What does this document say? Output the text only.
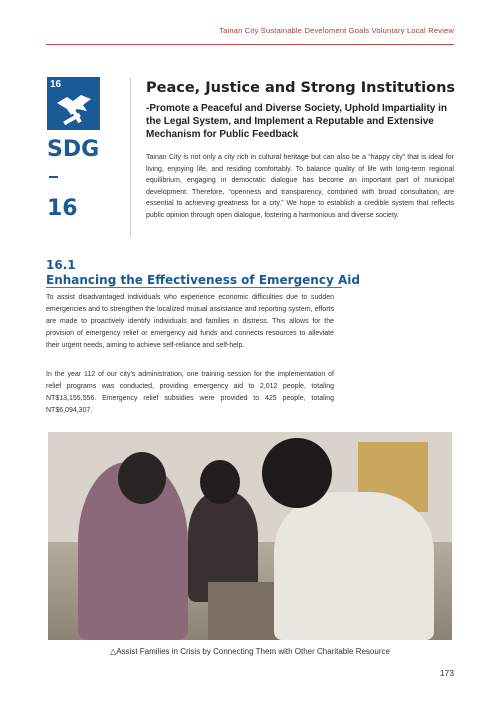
Tainan City Sustainable Develoment Goals Voluntary Local Review
16
SDG
16
Peace, Justice and Strong Institutions
-Promote a Peaceful and Diverse Society, Uphold Impartiality in the Legal System, and Implement a Reputable and Extensive Mechanism for Public Feedback
Tainan City is not only a city rich in cultural heritage but can also be a “happy city” that is ideal for living, enjoying life, and residing comfortably. To balance quality of life with long-term regional equilibrium, engaging in democratic dialogue has become an important part of municipal development. Therefore, “openness and transparency, combined with broad consultation, are essential to achieving greatness for a city.” We hope to establish a credible system that reflects public opinion through open dialogue, fostering a harmonious and diverse society.
16.1
Enhancing the Effectiveness of Emergency Aid
To assist disadvantaged individuals who experience economic difficulties due to sudden emergencies and to strengthen the localized mutual assistance and reporting system, efforts are made to proactively identify individuals and families in distress. This allows for the provision of emergency relief or emergency aid funds and connects resources to alleviate their urgent needs, aiming to achieve self-reliance and self-help.
In the year 112 of our city’s administration, one training session for the implementation of relief programs was conducted, providing emergency aid to 2,012 people, totaling NT$13,155,556. Emergency relief subsidies were provided to 425 people, totaling NT$6,094,307.
△Assist Families in Crisis by Connecting Them with Other Charitable Resource
173
